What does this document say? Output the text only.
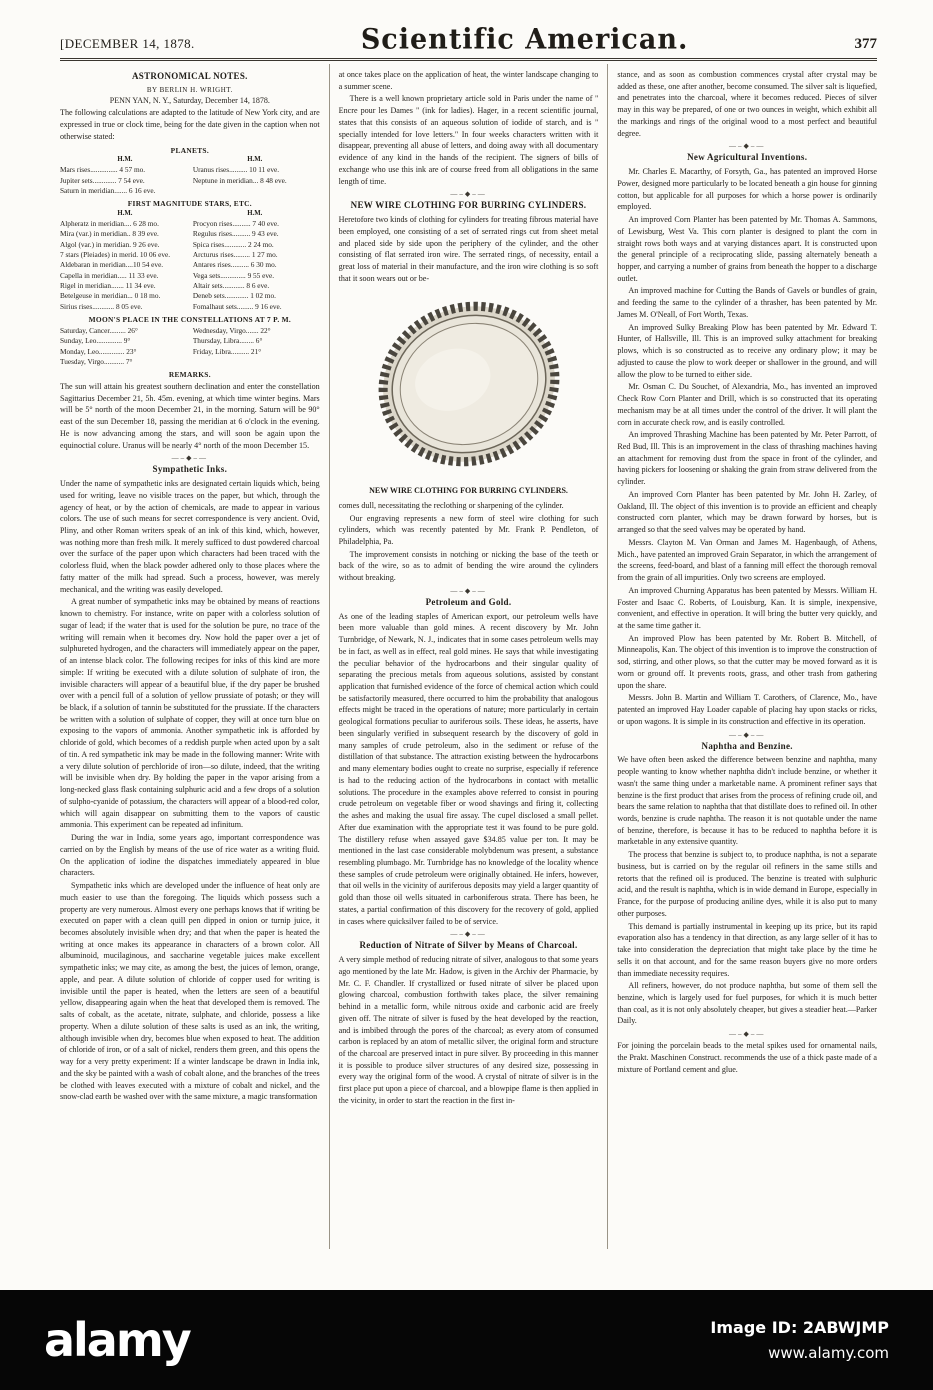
[DECEMBER 14, 1878.	Scientific American.	377
ASTRONOMICAL NOTES.
BY BERLIN H. WRIGHT.
PENN YAN, N. Y., Saturday, December 14, 1878.

The following calculations are adapted to the latitude of New York city, and are expressed in true or clock time, being for the date given in the caption when not otherwise stated:

PLANETS.
H.M.	H.M.
Mars rises............... 4 57 mo.	Uranus rises.......... 10 11 eve.
Jupiter sets............. 7 54 eve.	Neptune in meridian... 8 48 eve.
Saturn in meridian....... 6 16 eve.
FIRST MAGNITUDE STARS, ETC.
H.M.	H.M.
Alpheratz in meridian.... 6 28 mo.	Procyon rises.......... 7 40 eve.
Mira (var.) in meridian.. 8 39 eve.	Regulus rises.......... 9 43 eve.
Algol (var.) in meridian. 9 26 eve.	Spica rises............ 2 24 mo.
7 stars (Pleiades) in merid. 10 06 eve.	Arcturus rises......... 1 27 mo.
Aldebaran in meridian....10 54 eve.	Antares rises.......... 6 30 mo.
Capella in meridian..... 11 33 eve.	Vega sets.............. 9 55 eve.
Rigel in meridian....... 11 34 eve.	Altair sets............ 8 6 eve.
Betelgeuse in meridian... 0 18 mo.	Deneb sets............. 1 02 mo.
Sirius rises............ 8 05 eve.	Fomalhaut sets......... 9 16 eve.
MOON'S PLACE IN THE CONSTELLATIONS AT 7 P. M.
Saturday, Cancer......... 26°	Wednesday, Virgo....... 22°
Sunday, Leo.............. 9°	Thursday, Libra........ 6°
Monday, Leo.............. 23°	Friday, Libra.......... 21°
Tuesday, Virgo........... 7°
REMARKS.

The sun will attain his greatest southern declination and enter the constellation Sagittarius December 21, 5h. 45m. evening, at which time winter begins. Mars will be 5° north of the moon December 21, in the morning. Saturn will be 90° east of the sun December 18, passing the meridian at 6 o'clock in the evening. He is now advancing among the stars, and will soon be again upon the equinoctial colure. Uranus will be nearly 4° north of the moon December 15.

—–◆–—
Sympathetic Inks.

Under the name of sympathetic inks are designated certain liquids which, being used for writing, leave no visible traces on the paper, but which, through the agency of heat, or by the action of chemicals, are made to appear in various colors. The use of such means for secret correspondence is very ancient. Ovid, Pliny, and other Roman writers speak of an ink of this kind, which, however, was nothing more than fresh milk. It merely sufficed to dust powdered charcoal over the surface of the paper upon which characters had been traced with the colorless fluid, when the black powder adhered only to those places where the fatty matter of the milk had spread. Such a process, however, was merely mechanical, and the writing was easily developed.

A great number of sympathetic inks may be obtained by means of reactions known to chemistry. For instance, write on paper with a colorless solution of sugar of lead; if the water that is used for the solution be pure, no trace of the writing will remain when it becomes dry. Now hold the paper over a jet of sulphureted hydrogen, and the characters will immediately appear on the paper, of an intense black color. The following recipes for inks of this kind are more simple: If writing be executed with a dilute solution of sulphate of iron, the invisible characters will appear of a beautiful blue, if the dry paper be brushed over with a pencil full of a solution of yellow prussiate of potash; or they will be black, if a solution of tannin be substituted for the prussiate. If the characters be written with a solution of sulphate of copper, they will at once turn blue on exposing to the vapors of ammonia. Another sympathetic ink is afforded by chloride of gold, which becomes of a reddish purple when acted upon by a salt of tin. A red sympathetic ink may be made in the following manner: Write with a very dilute solution of perchloride of iron—so dilute, indeed, that the writing will be invisible when dry. By holding the paper in the vapor arising from a long-necked glass flask containing sulphuric acid and a few drops of a solution of sulpho-cyanide of potassium, the characters will appear of a blood-red color, which will again disappear on submitting them to the vapors of caustic ammonia. This experiment can be repeated ad infinitum.

During the war in India, some years ago, important correspondence was carried on by the English by means of the use of rice water as a writing fluid. On the application of iodine the dispatches immediately appeared in blue characters.

Sympathetic inks which are developed under the influence of heat only are much easier to use than the foregoing. The liquids which possess such a property are very numerous. Almost every one perhaps knows that if writing be executed on paper with a clean quill pen dipped in onion or turnip juice, it becomes absolutely invisible when dry; and that when the paper is heated the writing at once makes its appearance in characters of a brown color. All albuminoid, mucilaginous, and saccharine vegetable juices make excellent sympathetic inks; we may cite, as among the best, the juices of lemon, orange, apple, and pear. A dilute solution of chloride of copper used for writing is invisible until the paper is heated, when the letters are seen of a beautiful yellow, disappearing again when the heat that developed them is removed. The salts of cobalt, as the acetate, nitrate, sulphate, and chloride, possess a like property. When a dilute solution of these salts is used as an ink, the writing, although invisible when dry, becomes blue when exposed to heat. The addition of chloride of iron, or of a salt of nickel, renders them green, and this opens the way for a very pretty experiment: If a winter landscape be drawn in India ink, and the sky be painted with a wash of cobalt alone, and the branches of the trees be clothed with leaves executed with a mixture of cobalt and nickel, and the snow-clad earth be washed over with the same mixture, a magic transformation

at once takes place on the application of heat, the winter landscape changing to a summer scene.

There is a well known proprietary article sold in Paris under the name of " Encre pour les Dames " (ink for ladies). Hager, in a recent scientific journal, states that this consists of an aqueous solution of iodide of starch, and is " specially intended for love letters." In four weeks characters written with it disappear, preventing all abuse of letters, and doing away with all documentary evidence of any kind in the hands of the recipient. The signers of bills of exchange who use this ink are of course freed from all obligations in the same length of time.

—–◆–—
NEW WIRE CLOTHING FOR BURRING CYLINDERS.

Heretofore two kinds of clothing for cylinders for treating fibrous material have been employed, one consisting of a set of serrated rings cut from sheet metal and placed side by side upon the periphery of the cylinder, and the other consisting of flat serrated iron wire. The serrated rings, of necessity, entail a great loss of material in their manufacture, and the iron wire clothing is so soft that it soon wears out or be-

NEW WIRE CLOTHING FOR BURRING CYLINDERS.

comes dull, necessitating the reclothing or sharpening of the cylinder.

Our engraving represents a new form of steel wire clothing for such cylinders, which was recently patented by Mr. Frank P. Pendleton, of Philadelphia, Pa.

The improvement consists in notching or nicking the base of the teeth or back of the wire, so as to admit of bending the wire around the cylinders without breaking.

—–◆–—
Petroleum and Gold.

As one of the leading staples of American export, our petroleum wells have been more valuable than gold mines. A recent discovery by Mr. John Turnbridge, of Newark, N. J., indicates that in some cases petroleum wells may be in fact, as well as in effect, real gold mines. He says that while investigating the peculiar behavior of the hydrocarbons and their singular quality of separating the precious metals from aqueous solutions, assisted by constant application that furnished evidence of the force of chemical action which could be satisfactorily measured, there occurred to him the probability that analogous effects might be traced in the operations of nature; more particularly in certain geological formations peculiar to auriferous soils. These ideas, he asserts, have been singularly verified in subsequent research by the discovery of gold in many samples of crude petroleum, also in the sediment or refuse of the distillation of that substance. The attraction existing between the hydrocarbons and many elementary bodies ought to create no surprise, especially if reference is had to the reducing action of the hydrocarbons in contact with metallic solutions. The procedure in the examples above referred to consist in pouring crude petroleum on vegetable fiber or wood shavings and firing it, collecting the ashes and making the usual fire assay. The cupel disclosed a small pellet. After due examination with the appropriate test it was found to be pure gold. The distillery refuse when assayed gave $34.85 value per ton. It may be mentioned in the last case considerable molybdenum was present, a substance resembling plumbago. Mr. Turnbridge has no knowledge of the locality whence these samples of crude petroleum were originally obtained. He infers, however, that oil wells in the vicinity of auriferous deposits may yield a larger quantity of gold than those oil wells situated in carboniferous strata. There has been, he states, a partial confirmation of this discovery for the recovery of gold, applied in cases where quicksilver failed to be of service.

—–◆–—
Reduction of Nitrate of Silver by Means of Charcoal.

A very simple method of reducing nitrate of silver, analogous to that some years ago mentioned by the late Mr. Hadow, is given in the Archiv der Pharmacie, by Mr. C. F. Chandler. If crystallized or fused nitrate of silver be placed upon glowing charcoal, combustion forthwith takes place, the silver remaining behind in a metallic form, while nitrous oxide and carbonic acid are freely given off. The nitrate of silver is fused by the heat developed by the reaction, and is imbibed through the pores of the charcoal; as every atom of consumed carbon is replaced by an atom of metallic silver, the original form and structure of the charcoal are preserved intact in pure silver. By proceeding in this manner it is possible to produce silver structures of any desired size, possessing in every way the original form of the wood. A crystal of nitrate of silver is in the first place put upon a piece of charcoal, and a blowpipe flame is then applied in the vicinity, in order to start the reaction in the first in-

stance, and as soon as combustion commences crystal after crystal may be added as these, one after another, become consumed. The silver salt is liquefied, and penetrates into the charcoal, where it becomes reduced. Pieces of silver may in this way be prepared, of one or two ounces in weight, which exhibit all the markings and rings of the original wood to a most perfect and beautiful degree.

—–◆–—
New Agricultural Inventions.

Mr. Charles E. Macarthy, of Forsyth, Ga., has patented an improved Horse Power, designed more particularly to be located beneath a gin house for ginning cotton, but applicable for all purposes for which a horse power is ordinarily employed.

An improved Corn Planter has been patented by Mr. Thomas A. Sammons, of Lewisburg, West Va. This corn planter is designed to plant the corn in straight rows both ways and at varying distances apart. It is constructed upon the general principle of a reciprocating slide, passing alternately beneath a hopper, and carrying a number of grains from beneath the hopper to a discharge outlet.

An improved machine for Cutting the Bands of Gavels or bundles of grain, and feeding the same to the cylinder of a thrasher, has been patented by Mr. James M. O'Neall, of Fort Worth, Texas.

An improved Sulky Breaking Plow has been patented by Mr. Edward T. Hunter, of Hallsville, Ill. This is an improved sulky attachment for breaking plows, which is so constructed as to receive any ordinary plow; it may be adjusted to cause the plow to work deeper or shallower in the ground, and will allow the plow to be turned to either side.

Mr. Osman C. Du Souchet, of Alexandria, Mo., has invented an improved Check Row Corn Planter and Drill, which is so constructed that its operating mechanism may be at all times under the control of the driver. It will plant the corn in accurate check row, and is easily controlled.

An improved Thrashing Machine has been patented by Mr. Peter Parrott, of Red Bud, Ill. This is an improvement in the class of thrashing machines having an attachment for removing dust from the space in front of the cylinder, and having pickers for loosening or shaking the grain from straw delivered from the cylinder.

An improved Corn Planter has been patented by Mr. John H. Zarley, of Oakland, Ill. The object of this invention is to provide an efficient and cheaply constructed corn planter, which may be drawn forward by horses, but is arranged so that the seed valves may be operated by hand.

Messrs. Clayton M. Van Orman and James M. Hagenbaugh, of Athens, Mich., have patented an improved Grain Separator, in which the arrangement of the screens, feed-board, and blast of a fanning mill effect the thorough removal from the grain of all impurities. Only two screens are employed.

An improved Churning Apparatus has been patented by Messrs. William H. Foster and Isaac C. Roberts, of Louisburg, Kan. It is simple, inexpensive, convenient, and effective in operation. It will bring the butter very quickly, and at the same time gather it.

An improved Plow has been patented by Mr. Robert B. Mitchell, of Minneapolis, Kan. The object of this invention is to improve the construction of sod, stirring, and other plows, so that the cutter may be moved forward as it is worn or ground off. It prevents roots, grass, and other trash from gathering upon the share.

Messrs. John B. Martin and William T. Carothers, of Clarence, Mo., have patented an improved Hay Loader capable of placing hay upon stacks or ricks, or upon wagons. It is simple in its construction and effective in its operation.

—–◆–—
Naphtha and Benzine.

We have often been asked the difference between benzine and naphtha, many people wanting to know whether naphtha didn't include benzine, or whether it wasn't the same thing under a marketable name. A prominent refiner says that benzine is the first product that arises from the process of refining crude oil, and bears the same relation to naphtha that that distillate does to refined oil. In other words, benzine is crude naphtha. The reason it is not quotable under the name of benzine, therefore, is because it has to be reduced to naphtha before it is marketable in any extensive quantity.

The process that benzine is subject to, to produce naphtha, is not a separate business, but is carried on by the regular oil refiners in the same stills and retorts that the refined oil is produced. The benzine is treated with sulphuric acid, and the result is naphtha, which is in wide demand in Europe, especially in France, for the purpose of producing aniline dyes, while it is also put to many other purposes.

This demand is partially instrumental in keeping up its price, but its rapid evaporation also has a tendency in that direction, as any large seller of it has to take into consideration the depreciation that might take place by the time he sells it on that account, and for the same reason buyers give no more orders than immediate necessity requires.

All refiners, however, do not produce naphtha, but some of them sell the benzine, which is largely used for fuel purposes, for which it is much better than coal, as it is not only absolutely cheaper, but gives a steadier heat.—Parker Daily.

—–◆–—

For joining the porcelain beads to the metal spikes used for ornamental nails, the Prakt. Maschinen Construct. recommends the use of a thick paste made of a mixture of Portland cement and glue.

alamy	Image ID: 2ABWJMP
www.alamy.com
